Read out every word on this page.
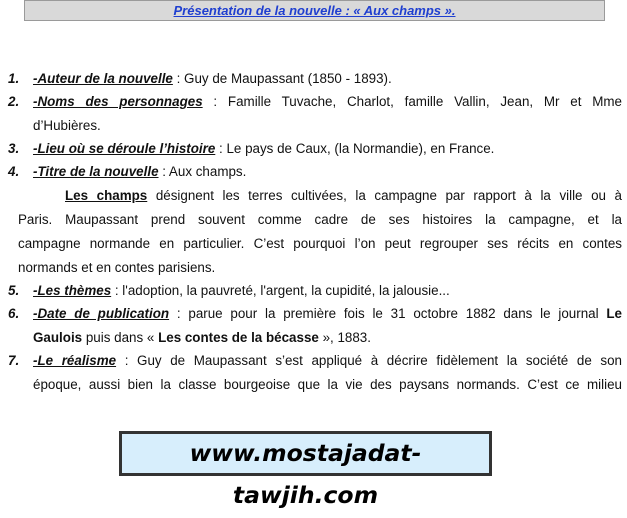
Présentation de la nouvelle : « Aux champs ».
1. -Auteur de la nouvelle : Guy de Maupassant (1850 - 1893).
2. -Noms des personnages : Famille Tuvache, Charlot, famille Vallin, Jean, Mr et Mme
d’Hubières.
3. -Lieu où se déroule l’histoire : Le pays de Caux, (la Normandie), en France.
4. -Titre de la nouvelle : Aux champs.
Les champs désignent les terres cultivées, la campagne par rapport à la ville ou à
Paris. Maupassant prend souvent comme cadre de ses histoires la campagne, et la
campagne normande en particulier. C’est pourquoi l’on peut regrouper ses récits en contes
normands et en contes parisiens.
5. -Les thèmes : l'adoption, la pauvreté, l'argent, la cupidité, la jalousie...
6. -Date de publication : parue pour la première fois le 31 octobre 1882 dans le journal Le
Gaulois puis dans « Les contes de la bécasse », 1883.
7. -Le réalisme : Guy de Maupassant s’est appliqué à décrire fidèlement la société de son
époque, aussi bien la classe bourgeoise que la vie des paysans normands. C’est ce milieu
www.mostajadat-tawjih.com
